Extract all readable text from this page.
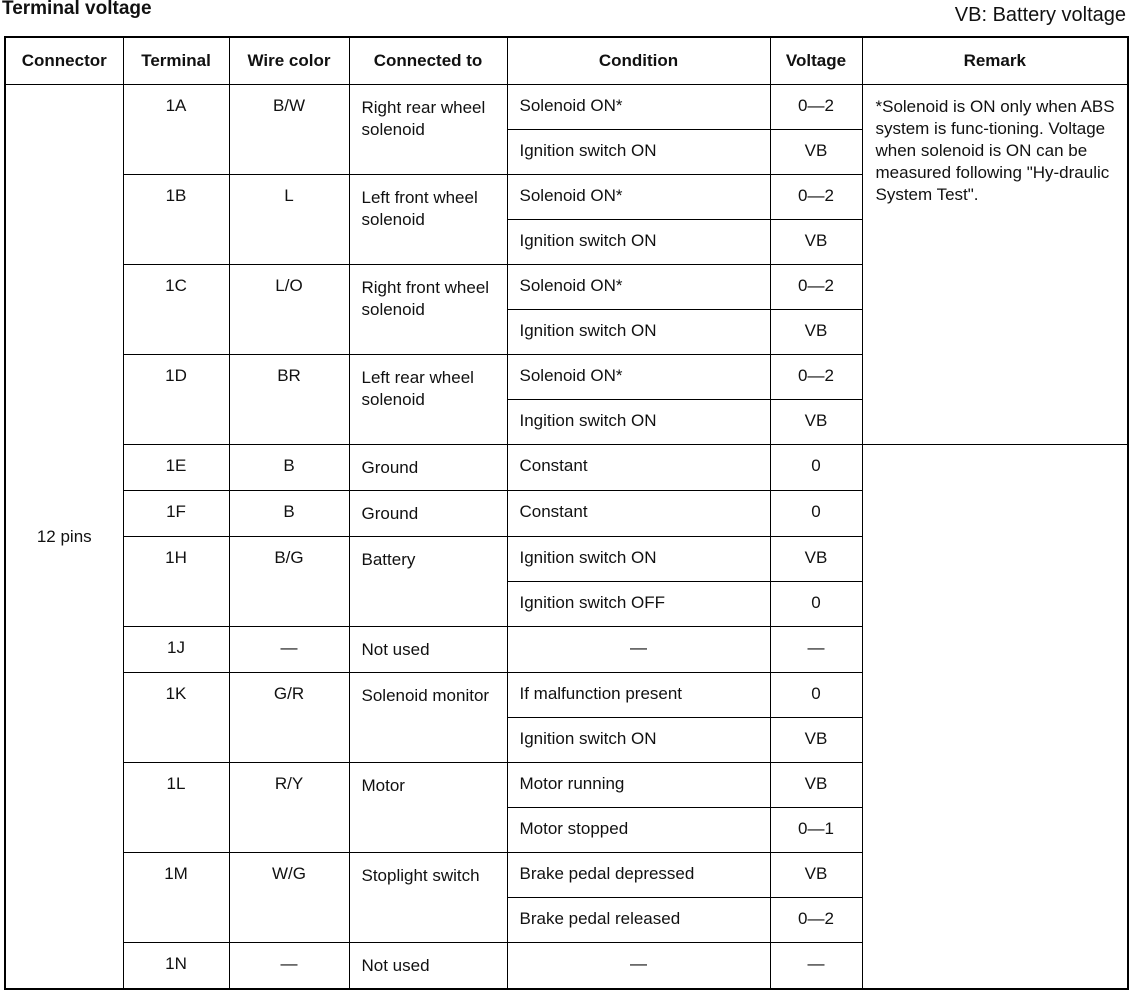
Terminal voltage	VB: Battery voltage
Connector	Terminal	Wire color	Connected to	Condition	Voltage	Remark
12 pins	1A	B/W	Right rear wheel solenoid	Solenoid ON*	0—2	*Solenoid is ON only when ABS system is func-tioning. Voltage when solenoid is ON can be measured following "Hy-draulic System Test".
				Ignition switch ON	VB	
	1B	L	Left front wheel solenoid	Solenoid ON*	0—2	
				Ignition switch ON	VB	
	1C	L/O	Right front wheel solenoid	Solenoid ON*	0—2	
				Ignition switch ON	VB	
	1D	BR	Left rear wheel solenoid	Solenoid ON*	0—2	
				Ingition switch ON	VB	
	1E	B	Ground	Constant	0	
	1F	B	Ground	Constant	0	
	1H	B/G	Battery	Ignition switch ON	VB	
				Ignition switch OFF	0	
	1J	—	Not used	—	—	
	1K	G/R	Solenoid monitor	If malfunction present	0	
				Ignition switch ON	VB	
	1L	R/Y	Motor	Motor running	VB	
				Motor stopped	0—1	
	1M	W/G	Stoplight switch	Brake pedal depressed	VB	
				Brake pedal released	0—2	
	1N	—	Not used	—	—	
